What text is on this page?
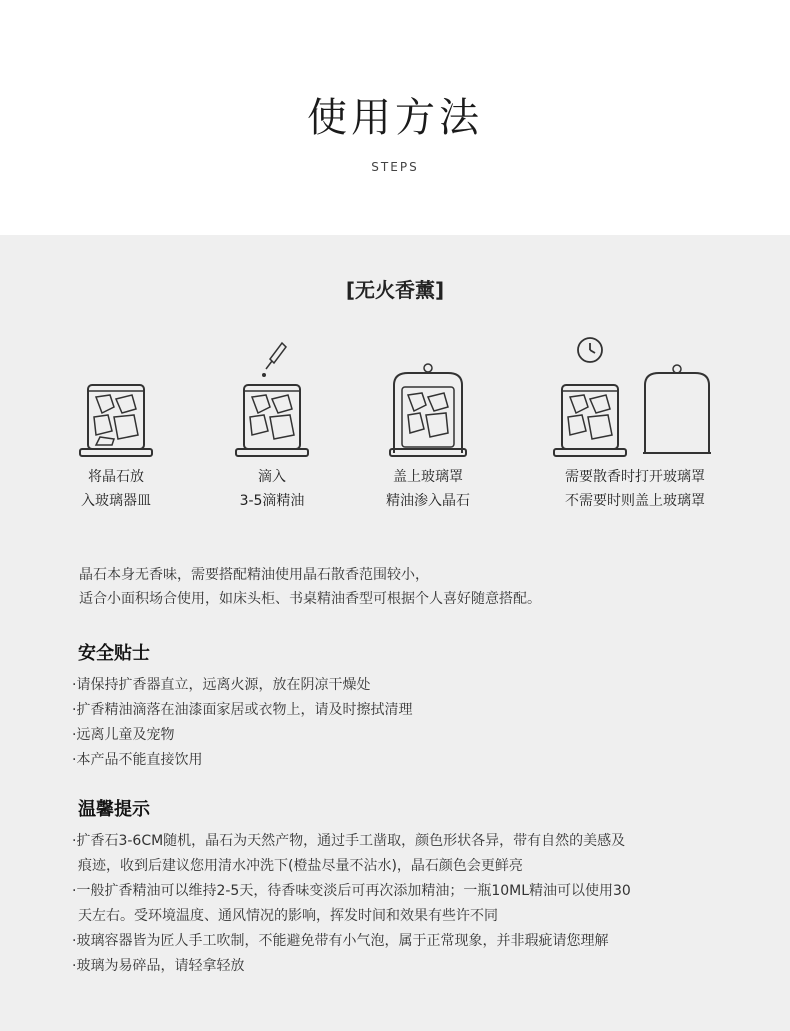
使用方法
STEPS
[无火香薰]
将晶石放
入玻璃器皿
滴入
3-5滴精油
盖上玻璃罩
精油渗入晶石
需要散香时打开玻璃罩
不需要时则盖上玻璃罩
晶石本身无香味，需要搭配精油使用晶石散香范围较小，
适合小面积场合使用，如床头柜、书桌精油香型可根据个人喜好随意搭配。
安全贴士
·请保持扩香器直立，远离火源，放在阴凉干燥处
·扩香精油滴落在油漆面家居或衣物上，请及时擦拭清理
·远离儿童及宠物
·本产品不能直接饮用
温馨提示
·扩香石3-6CM随机，晶石为天然产物，通过手工凿取，颜色形状各异，带有自然的美感及
痕迹，收到后建议您用清水冲洗下(橙盐尽量不沾水)，晶石颜色会更鲜亮
·一般扩香精油可以维持2-5天，待香味变淡后可再次添加精油；一瓶10ML精油可以使用30
天左右。受环境温度、通风情况的影响，挥发时间和效果有些许不同
·玻璃容器皆为匠人手工吹制，不能避免带有小气泡，属于正常现象，并非瑕疵请您理解
·玻璃为易碎品，请轻拿轻放
